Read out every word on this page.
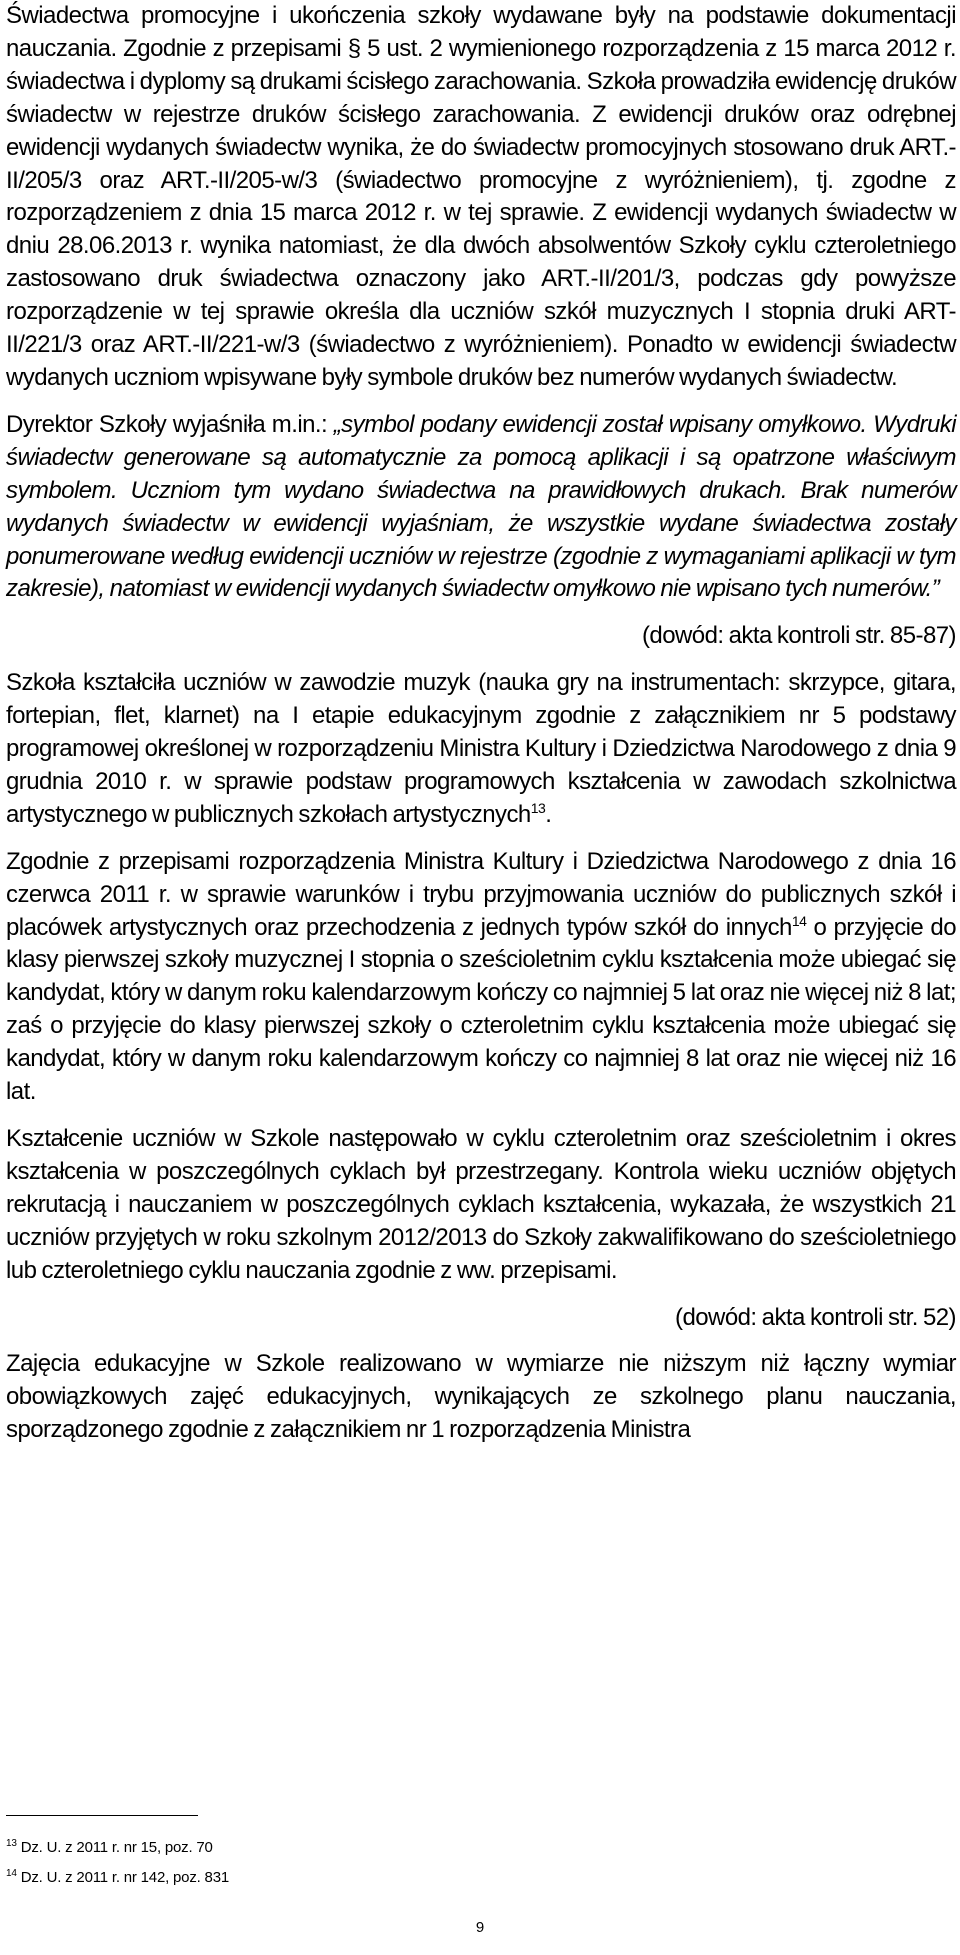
Świadectwa promocyjne i ukończenia szkoły wydawane były na podstawie dokumentacji nauczania. Zgodnie z przepisami § 5 ust. 2 wymienionego rozporządzenia z 15 marca 2012 r. świadectwa i dyplomy są drukami ścisłego zarachowania. Szkoła prowadziła ewidencję druków świadectw w rejestrze druków ścisłego zarachowania. Z ewidencji druków oraz odrębnej ewidencji wydanych świadectw wynika, że do świadectw promocyjnych stosowano druk ART.-II/205/3 oraz ART.-II/205-w/3 (świadectwo promocyjne z wyróżnieniem), tj. zgodne z rozporządzeniem z dnia 15 marca 2012 r. w tej sprawie. Z ewidencji wydanych świadectw w dniu 28.06.2013 r. wynika natomiast, że dla dwóch absolwentów Szkoły cyklu czteroletniego zastosowano druk świadectwa oznaczony jako ART.-II/201/3, podczas gdy powyższe rozporządzenie w tej sprawie określa dla uczniów szkół muzycznych I stopnia druki ART-II/221/3 oraz ART.-II/221-w/3 (świadectwo z wyróżnieniem). Ponadto w ewidencji świadectw wydanych uczniom wpisywane były symbole druków bez numerów wydanych świadectw.

Dyrektor Szkoły wyjaśniła m.in.: „symbol podany ewidencji został wpisany omyłkowo. Wydruki świadectw generowane są automatycznie za pomocą aplikacji i są opatrzone właściwym symbolem. Uczniom tym wydano świadectwa na prawidłowych drukach. Brak numerów wydanych świadectw w ewidencji wyjaśniam, że wszystkie wydane świadectwa zostały ponumerowane według ewidencji uczniów w rejestrze (zgodnie z wymaganiami aplikacji w tym zakresie), natomiast w ewidencji wydanych świadectw omyłkowo nie wpisano tych numerów.”

(dowód: akta kontroli str. 85-87)

Szkoła kształciła uczniów w zawodzie muzyk (nauka gry na instrumentach: skrzypce, gitara, fortepian, flet, klarnet) na I etapie edukacyjnym zgodnie z załącznikiem nr 5 podstawy programowej określonej w rozporządzeniu Ministra Kultury i Dziedzictwa Narodowego z dnia 9 grudnia 2010 r. w sprawie podstaw programowych kształcenia w zawodach szkolnictwa artystycznego w publicznych szkołach artystycznych$^{13}$.

Zgodnie z przepisami rozporządzenia Ministra Kultury i Dziedzictwa Narodowego z dnia 16 czerwca 2011 r. w sprawie warunków i trybu przyjmowania uczniów do publicznych szkół i placówek artystycznych oraz przechodzenia z jednych typów szkół do innych$^{14}$ o przyjęcie do klasy pierwszej szkoły muzycznej I stopnia o sześcioletnim cyklu kształcenia może ubiegać się kandydat, który w danym roku kalendarzowym kończy co najmniej 5 lat oraz nie więcej niż 8 lat; zaś o przyjęcie do klasy pierwszej szkoły o czteroletnim cyklu kształcenia może ubiegać się kandydat, który w danym roku kalendarzowym kończy co najmniej 8 lat oraz nie więcej niż 16 lat.

Kształcenie uczniów w Szkole następowało w cyklu czteroletnim oraz sześcioletnim i okres kształcenia w poszczególnych cyklach był przestrzegany. Kontrola wieku uczniów objętych rekrutacją i nauczaniem w poszczególnych cyklach kształcenia, wykazała, że wszystkich 21 uczniów przyjętych w roku szkolnym 2012/2013 do Szkoły zakwalifikowano do sześcioletniego lub czteroletniego cyklu nauczania zgodnie z ww. przepisami.

(dowód: akta kontroli str. 52)

Zajęcia edukacyjne w Szkole realizowano w wymiarze nie niższym niż łączny wymiar obowiązkowych zajęć edukacyjnych, wynikających ze szkolnego planu nauczania, sporządzonego zgodnie z załącznikiem nr 1 rozporządzenia Ministra

$^{13}$ Dz. U. z 2011 r. nr 15, poz. 70
$^{14}$ Dz. U. z 2011 r. nr 142, poz. 831
9
